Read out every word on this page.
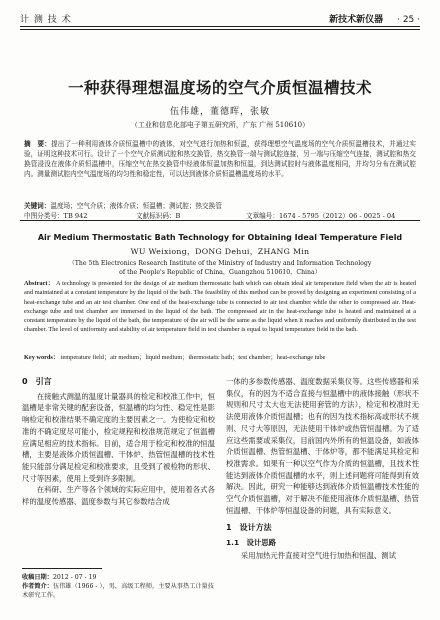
计 测 技 术	新技术新仪器 · 25 ·
一种获得理想温度场的空气介质恒温槽技术
伍伟雄，董德晖，张敏
（工业和信息化部电子第五研究所，广东 广州 510610）
摘　要：提出了一种利用液体介质恒温槽中的液体，对空气进行加热和恒温，获得理想空气温度场的空气介质恒温槽技术，并通过实验，证明这种技术可行。设计了一个空气介质测试腔和热交换管，热交换管一端与测试腔连接，另一端与压缩空气连接，测试腔和热交换管浸没在液体介质恒温槽中，压缩空气在热交换管中经液体恒温加热和恒温，到达测试腔时与液体温度相同，并均匀分布在测试腔内。测量测试腔内空气温度场的均匀性和稳定性，可以达到液体介质恒温槽温度场的水平。
关键词：温度场；空气介质；液体介质；恒温槽；测试腔；热交换管
中图分类号：TB 942	文献标识码：B	文章编号：1674 - 5795（2012）06 - 0025 - 04
Air Medium Thermostatic Bath Technology for Obtaining Ideal Temperature Field
WU Weixiong，DONG Dehui，ZHANG Min
（The 5th Electronics Research Institute of the Ministry of Industry and Information Technology
of the People's Republic of China，Guangzhou 510610，China）
Abstract： A technology is presented for the design of air medium thermostatic bath which can obtain ideal air temperature field when the air is heated and maintained at a constant temperature by the liquid of the bath. The feasibility of this method can be proved by designing an experiment consisting of a heat-exchange tube and an air test chamber. One end of the heat-exchange tube is connected to air test chamber while the other to compressed air. Heat-exchange tube and test chamber are immersed in the liquid of the bath. The compressed air in the heat-exchange tube is heated and maintained at a constant temperature by the liquid of the bath, the temperature of the air will be the same as the liquid when it reaches and uniformly distributed in the test chamber. The level of uniformity and stability of air temperature field in test chamber is equal to liquid temperature field in the bath.
Key words： temperature field；air medium；liquid medium；thermostatic bath；test chamber；heat-exchange tube
0　引言

在接触式测温的温度计量器具的检定和校准工作中，恒温槽是非常关键的配套设备，恒温槽的均匀性、稳定性是影响检定和校准结果不确定度的主要因素之一。为使检定和校准的不确定度尽可能小，检定规程和校准规范规定了恒温槽应满足相应的技术指标。目前，适合用于检定和校准的恒温槽，主要是液体介质恒温槽、干体炉、热管恒温槽的技术性能只能部分满足检定和校准要求，且受到了被检物的形状、尺寸等因素，使用上受到许多限制。

在科研、生产等各个领域的实际应用中，使用着各式各样的温度传感器、温度参数与其它参数结合成

一体的多参数传感器、温度数据采集仪等。这些传感器和采集仪，有的因为不适合直接与恒温槽中的液体接触（形状不规则和尺寸太大也无法使用套管的方法），检定和校准时无法使用液体介质恒温槽；也有的因为技术指标高或形状不规则、尺寸大等原因，无法使用干体炉或热管恒温槽。为了适应这些需要或采集仪，目前国内外所有的恒温设备，如液体介质恒温槽、热管恒温槽、干体炉等，都不能满足其检定和校准需求。如果有一种以空气作为介质的恒温槽，且技术性能达到液体介质恒温槽的水平，则上述问题将可能得到有效解决。因此，研究一种能够达到液体介质恒温槽技术性能的空气介质恒温槽，对于解决不能使用液体介质恒温槽、热管恒温槽、干体炉等恒温设备的问题，具有实际意义。

1　设计方法
1.1　设计思路

采用加热元件直接对空气进行加热和恒温、测试

收稿日期：2012 - 07 - 19
作者简介：伍伟雄（1966 - ），男，高级工程师，主要从事热工计量技术研究工作。
